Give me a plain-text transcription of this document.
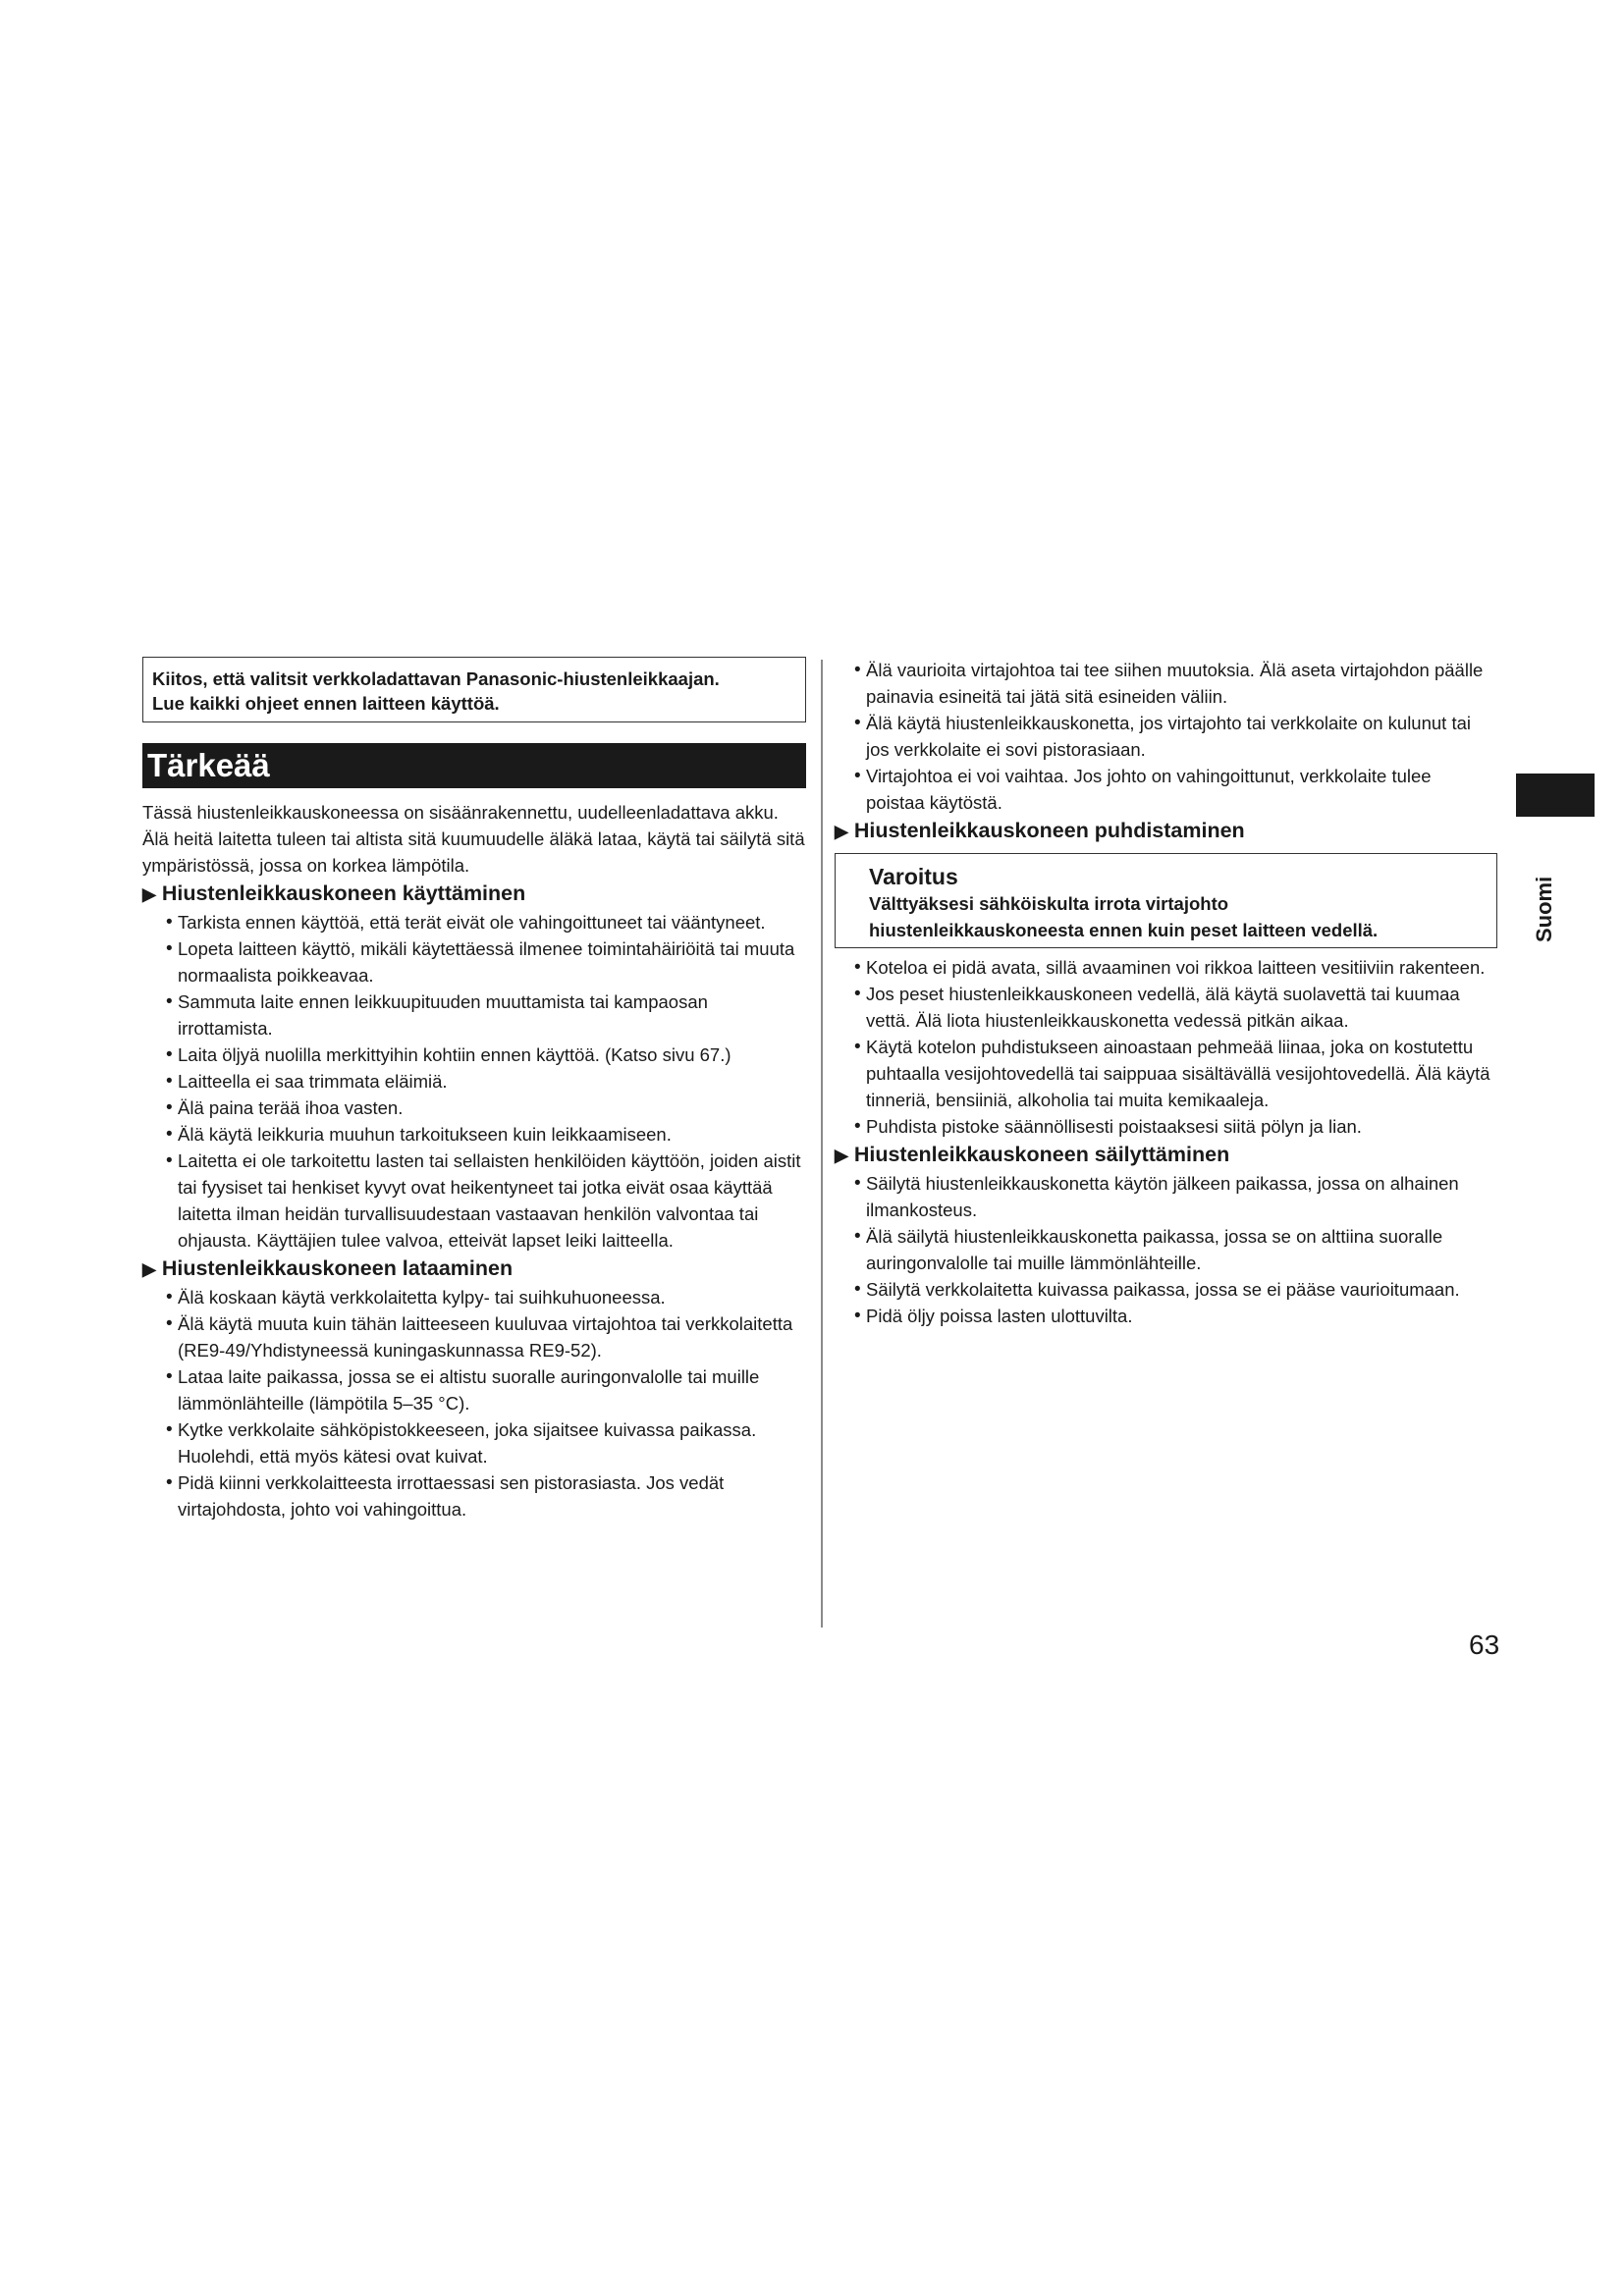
Kiitos, että valitsit verkkoladattavan Panasonic-hiustenleikkaajan.
Lue kaikki ohjeet ennen laitteen käyttöä.
Tärkeää
Tässä hiustenleikkauskoneessa on sisäänrakennettu, uudelleenladattava akku. Älä heitä laitetta tuleen tai altista sitä kuumuudelle äläkä lataa, käytä tai säilytä sitä ympäristössä, jossa on korkea lämpötila.
▶ Hiustenleikkauskoneen käyttäminen
• Tarkista ennen käyttöä, että terät eivät ole vahingoittuneet tai vääntyneet.
• Lopeta laitteen käyttö, mikäli käytettäessä ilmenee toimintahäiriöitä tai muuta normaalista poikkeavaa.
• Sammuta laite ennen leikkuupituuden muuttamista tai kampaosan irrottamista.
• Laita öljyä nuolilla merkittyihin kohtiin ennen käyttöä. (Katso sivu 67.)
• Laitteella ei saa trimmata eläimiä.
• Älä paina terää ihoa vasten.
• Älä käytä leikkuria muuhun tarkoitukseen kuin leikkaamiseen.
• Laitetta ei ole tarkoitettu lasten tai sellaisten henkilöiden käyttöön, joiden aistit tai fyysiset tai henkiset kyvyt ovat heikentyneet tai jotka eivät osaa käyttää laitetta ilman heidän turvallisuudestaan vastaavan henkilön valvontaa tai ohjausta. Käyttäjien tulee valvoa, etteivät lapset leiki laitteella.
▶ Hiustenleikkauskoneen lataaminen
• Älä koskaan käytä verkkolaitetta kylpy- tai suihkuhuoneessa.
• Älä käytä muuta kuin tähän laitteeseen kuuluvaa virtajohtoa tai verkkolaitetta (RE9-49/Yhdistyneessä kuningaskunnassa RE9-52).
• Lataa laite paikassa, jossa se ei altistu suoralle auringonvalolle tai muille lämmönlähteille (lämpötila 5–35 °C).
• Kytke verkkolaite sähköpistokkeeseen, joka sijaitsee kuivassa paikassa. Huolehdi, että myös kätesi ovat kuivat.
• Pidä kiinni verkkolaitteesta irrottaessasi sen pistorasiasta. Jos vedät virtajohdosta, johto voi vahingoittua.
• Älä vaurioita virtajohtoa tai tee siihen muutoksia. Älä aseta virtajohdon päälle painavia esineitä tai jätä sitä esineiden väliin.
• Älä käytä hiustenleikkauskonetta, jos virtajohto tai verkkolaite on kulunut tai jos verkkolaite ei sovi pistorasiaan.
• Virtajohtoa ei voi vaihtaa. Jos johto on vahingoittunut, verkkolaite tulee poistaa käytöstä.
▶ Hiustenleikkauskoneen puhdistaminen
Varoitus
Välttyäksesi sähköiskulta irrota virtajohto
hiustenleikkauskoneesta ennen kuin peset laitteen vedellä.
• Koteloa ei pidä avata, sillä avaaminen voi rikkoa laitteen vesitiiviin rakenteen.
• Jos peset hiustenleikkauskoneen vedellä, älä käytä suolavettä tai kuumaa vettä. Älä liota hiustenleikkauskonetta vedessä pitkän aikaa.
• Käytä kotelon puhdistukseen ainoastaan pehmeää liinaa, joka on kostutettu puhtaalla vesijohtovedellä tai saippuaa sisältävällä vesijohtovedellä. Älä käytä tinneriä, bensiiniä, alkoholia tai muita kemikaaleja.
• Puhdista pistoke säännöllisesti poistaaksesi siitä pölyn ja lian.
▶ Hiustenleikkauskoneen säilyttäminen
• Säilytä hiustenleikkauskonetta käytön jälkeen paikassa, jossa on alhainen ilmankosteus.
• Älä säilytä hiustenleikkauskonetta paikassa, jossa se on alttiina suoralle auringonvalolle tai muille lämmönlähteille.
• Säilytä verkkolaitetta kuivassa paikassa, jossa se ei pääse vaurioitumaan.
• Pidä öljy poissa lasten ulottuvilta.
Suomi
63
